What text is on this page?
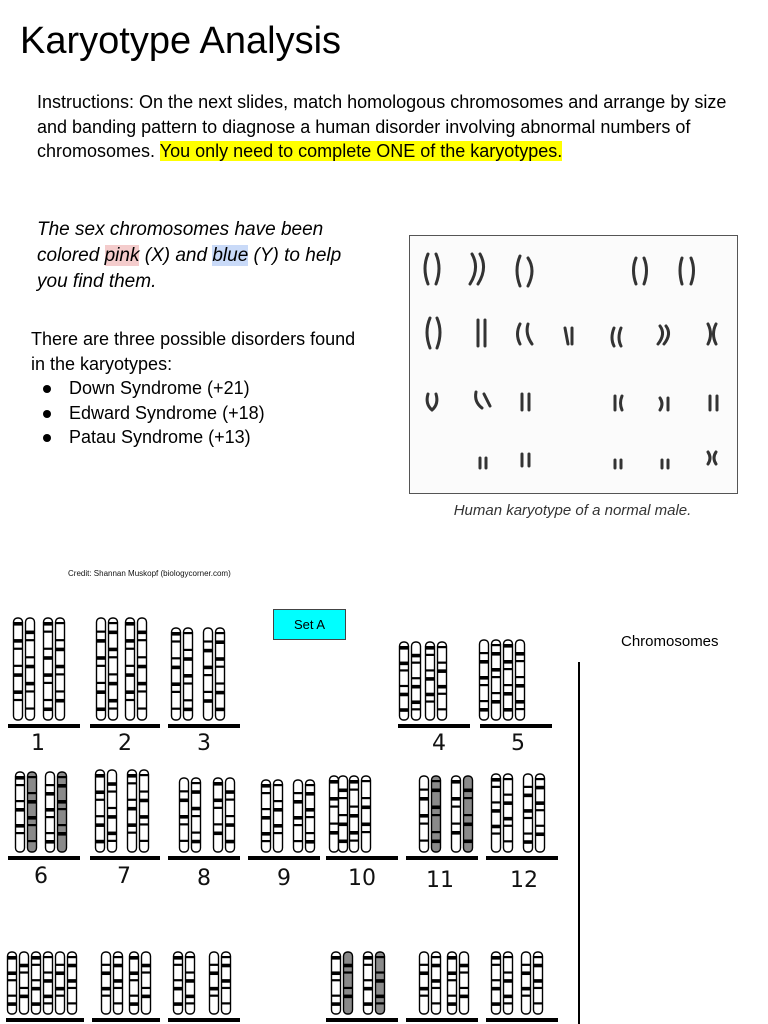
Karyotype Analysis

Instructions: On the next slides, match homologous chromosomes and arrange by size and banding pattern to diagnose a human disorder involving abnormal numbers of chromosomes. You only need to complete ONE of the karyotypes.

The sex chromosomes have been colored pink (X) and blue (Y) to help you find them.

There are three possible disorders found in the karyotypes:

Down Syndrome (+21)
Edward Syndrome (+18)
Patau Syndrome (+13)
Human karyotype of a normal male.
Credit: Shannan Muskopf (biologycorner.com)
Set A
Chromosomes
1	2	3	4	5
6	7	8	9	10 11	12
